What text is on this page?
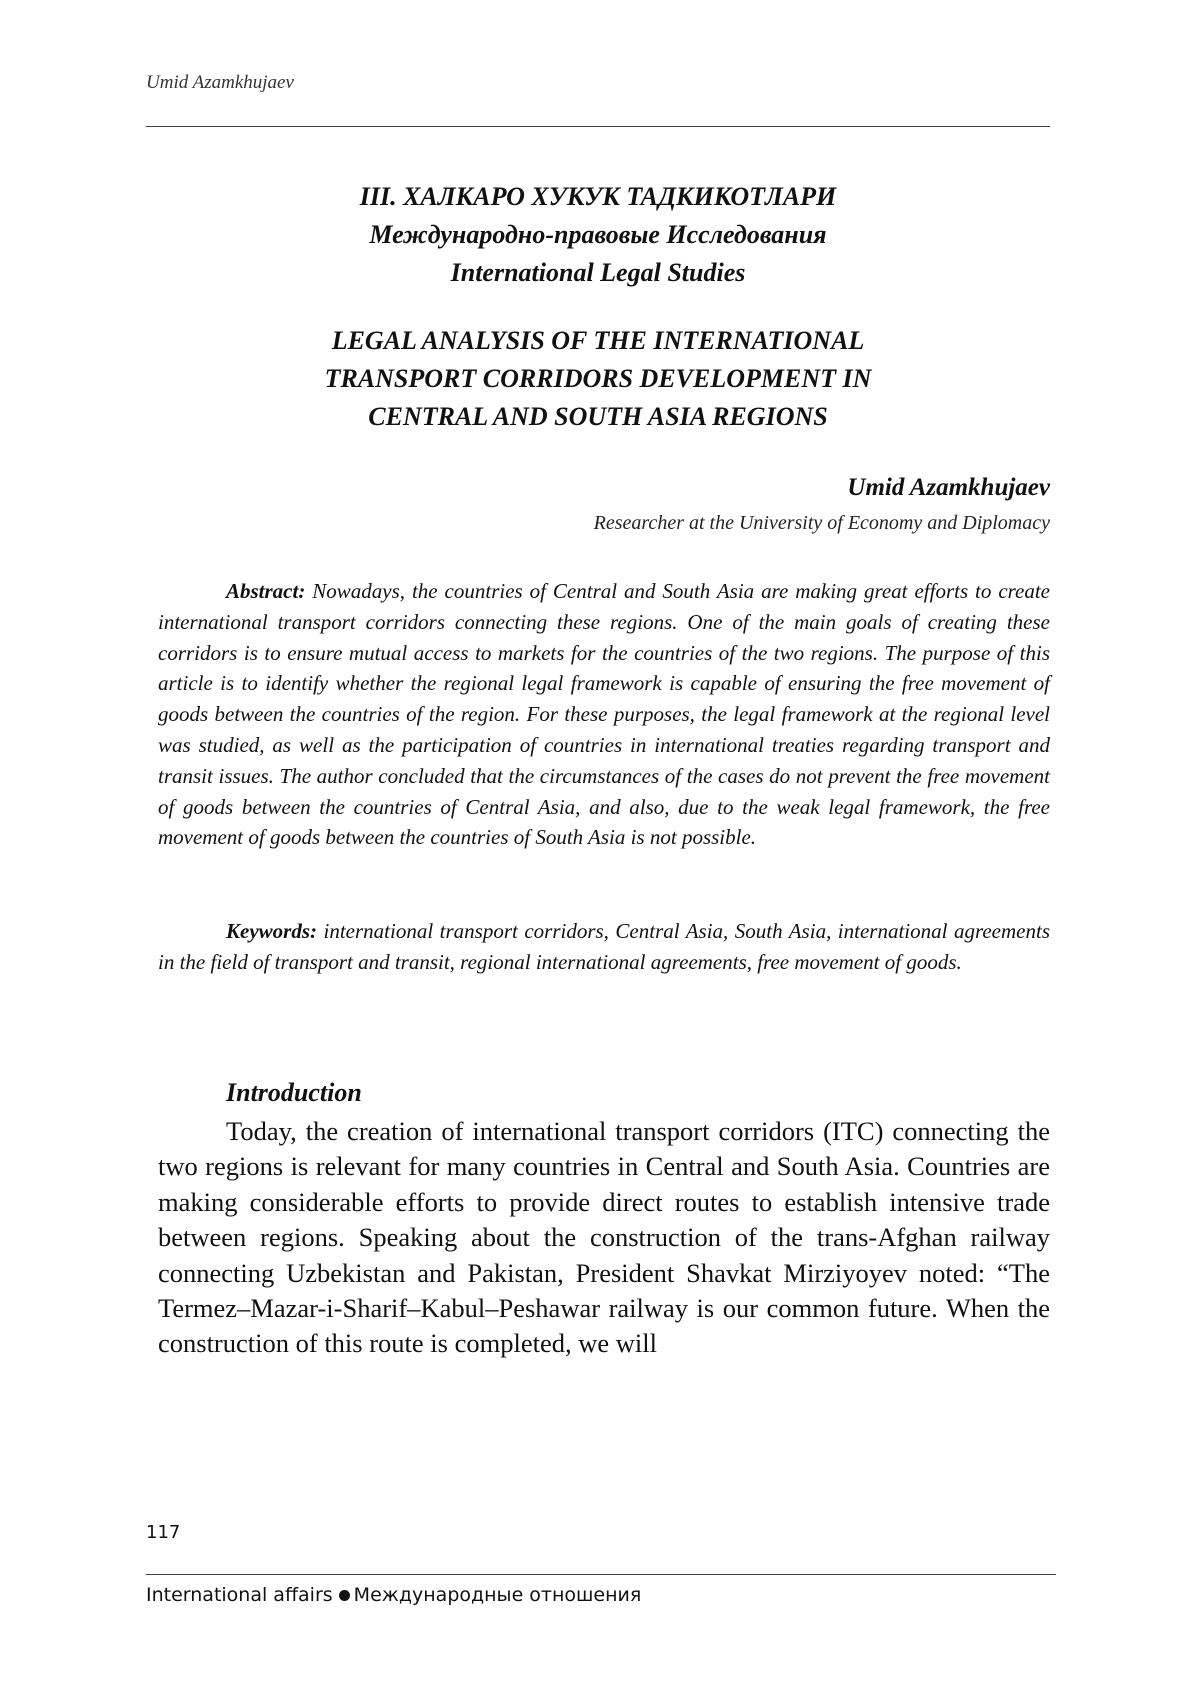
Umid Azamkhujaev
III. ХАЛКАРО ХУКУК ТАДКИКОТЛАРИ
Международно-правовые Исследования
International Legal Studies
LEGAL ANALYSIS OF THE INTERNATIONAL
TRANSPORT CORRIDORS DEVELOPMENT IN
CENTRAL AND SOUTH ASIA REGIONS
Umid Azamkhujaev
Researcher at the University of Economy and Diplomacy
Abstract: Nowadays, the countries of Central and South Asia are making great efforts to create international transport corridors connecting these regions. One of the main goals of creating these corridors is to ensure mutual access to markets for the countries of the two regions. The purpose of this article is to identify whether the regional legal framework is capable of ensuring the free movement of goods between the countries of the region. For these purposes, the legal framework at the regional level was studied, as well as the participation of countries in international treaties regarding transport and transit issues. The author concluded that the circumstances of the cases do not prevent the free movement of goods between the countries of Central Asia, and also, due to the weak legal framework, the free movement of goods between the countries of South Asia is not possible.
Keywords: international transport corridors, Central Asia, South Asia, international agreements in the field of transport and transit, regional international agreements, free movement of goods.
Introduction
Today, the creation of international transport corridors (ITC) connecting the two regions is relevant for many countries in Central and South Asia. Countries are making considerable efforts to provide direct routes to establish intensive trade between regions. Speaking about the construction of the trans-Afghan railway connecting Uzbekistan and Pakistan, President Shavkat Mirziyoyev noted: “The Termez–Mazar-i-Sharif–Kabul–Peshawar railway is our common future. When the construction of this route is completed, we will
117
International affairs Международные отношения
